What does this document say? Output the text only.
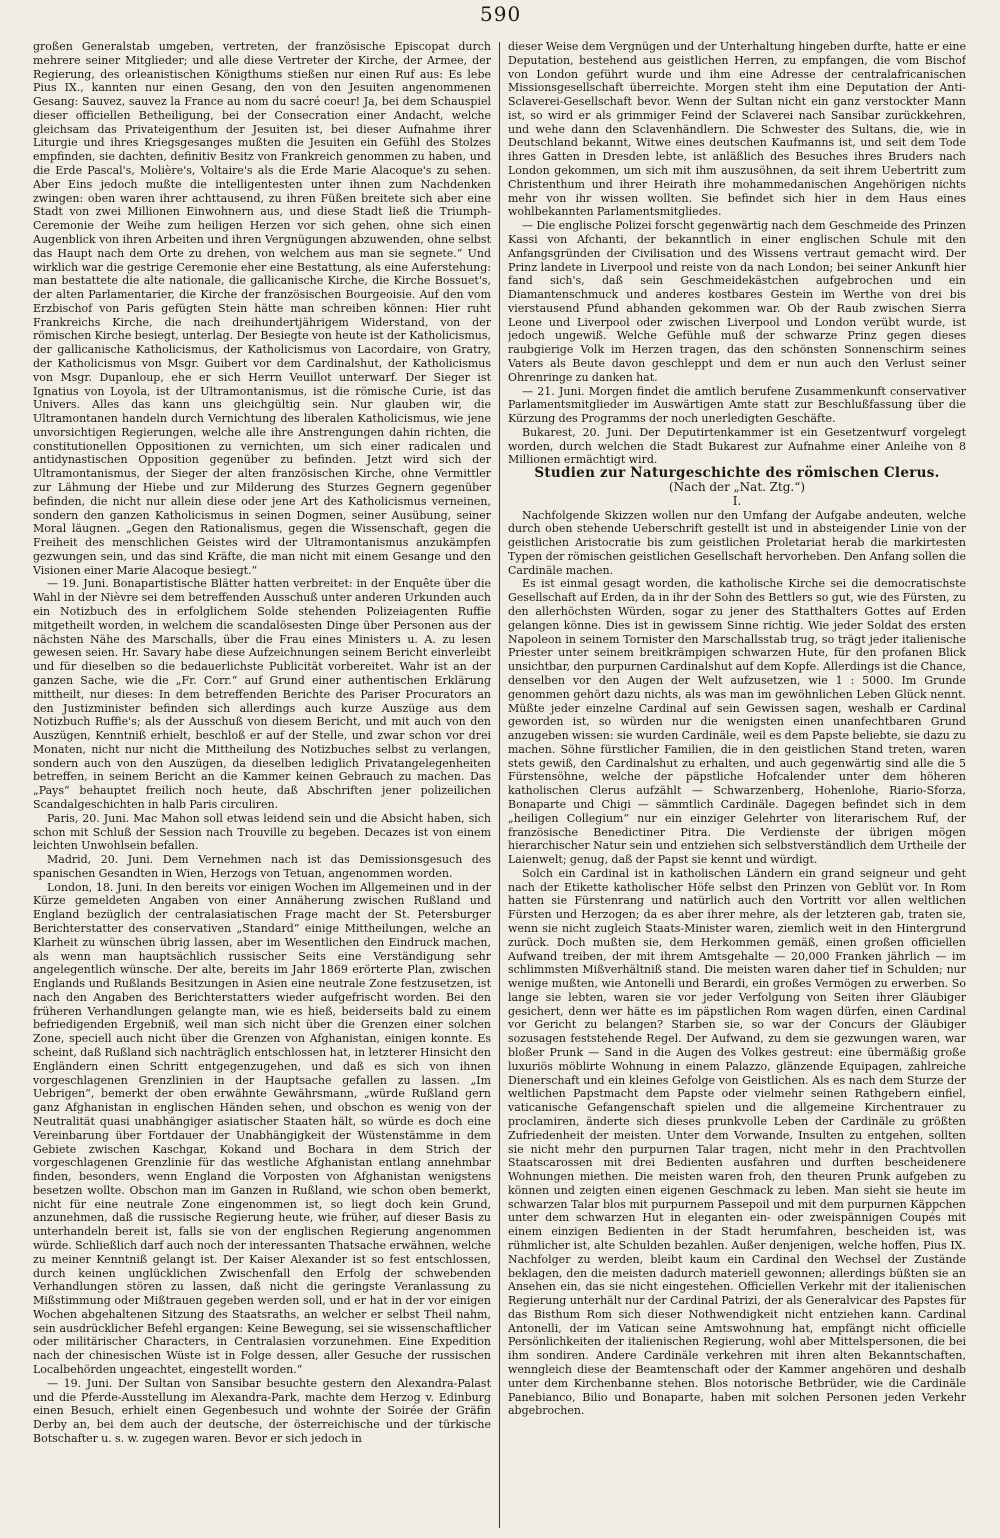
590

großen Generalstab umgeben, vertreten, der französische Episcopat durch mehrere seiner Mitglieder; und alle diese Vertreter der Kirche, der Armee, der Regierung, des orleanistischen Königthums stießen nur einen Ruf aus: Es lebe Pius IX., kannten nur einen Gesang, den von den Jesuiten angenommenen Gesang: Sauvez, sauvez la France au nom du sacré coeur! Ja, bei dem Schauspiel dieser officiellen Betheiligung, bei der Consecration einer Andacht, welche gleichsam das Privateigenthum der Jesuiten ist, bei dieser Aufnahme ihrer Liturgie und ihres Kriegsgesanges mußten die Jesuiten ein Gefühl des Stolzes empfinden, sie dachten, definitiv Besitz von Frankreich genommen zu haben, und die Erde Pascal's, Molière's, Voltaire's als die Erde Marie Alacoque's zu sehen. Aber Eins jedoch mußte die intelligentesten unter ihnen zum Nachdenken zwingen: oben waren ihrer achttausend, zu ihren Füßen breitete sich aber eine Stadt von zwei Millionen Einwohnern aus, und diese Stadt ließ die Triumph-Ceremonie der Weihe zum heiligen Herzen vor sich gehen, ohne sich einen Augenblick von ihren Arbeiten und ihren Vergnügungen abzuwenden, ohne selbst das Haupt nach dem Orte zu drehen, von welchem aus man sie segnete.“ Und wirklich war die gestrige Ceremonie eher eine Bestattung, als eine Auferstehung: man bestattete die alte nationale, die gallicanische Kirche, die Kirche Bossuet's, der alten Parlamentarier, die Kirche der französischen Bourgeoisie. Auf den vom Erzbischof von Paris gefügten Stein hätte man schreiben können: Hier ruht Frankreichs Kirche, die nach dreihundertjährigem Widerstand, von der römischen Kirche besiegt, unterlag. Der Besiegte von heute ist der Katholicismus, der gallicanische Katholicismus, der Katholicismus von Lacordaire, von Gratry, der Katholicismus von Msgr. Guibert vor dem Cardinalshut, der Katholicismus von Msgr. Dupanloup, ehe er sich Herrn Veuillot unterwarf. Der Sieger ist Ignatius von Loyola, ist der Ultramontanismus, ist die römische Curie, ist das Univers. Alles das kann uns gleichgültig sein. Nur glauben wir, die Ultramontanen handeln durch Vernichtung des liberalen Katholicismus, wie jene unvorsichtigen Regierungen, welche alle ihre Anstrengungen dahin richten, die constitutionellen Oppositionen zu vernichten, um sich einer radicalen und antidynastischen Opposition gegenüber zu befinden. Jetzt wird sich der Ultramontanismus, der Sieger der alten französischen Kirche, ohne Vermittler zur Lähmung der Hiebe und zur Milderung des Sturzes Gegnern gegenüber befinden, die nicht nur allein diese oder jene Art des Katholicismus verneinen, sondern den ganzen Katholicismus in seinen Dogmen, seiner Ausübung, seiner Moral läugnen. „Gegen den Rationalismus, gegen die Wissenschaft, gegen die Freiheit des menschlichen Geistes wird der Ultramontanismus anzukämpfen gezwungen sein, und das sind Kräfte, die man nicht mit einem Gesange und den Visionen einer Marie Alacoque besiegt.“

— 19. Juni. Bonapartistische Blätter hatten verbreitet: in der Enquête über die Wahl in der Nièvre sei dem betreffenden Ausschuß unter anderen Urkunden auch ein Notizbuch des in erfolglichem Solde stehenden Polizeiagenten Ruffie mitgetheilt worden, in welchem die scandalösesten Dinge über Personen aus der nächsten Nähe des Marschalls, über die Frau eines Ministers u. A. zu lesen gewesen seien. Hr. Savary habe diese Aufzeichnungen seinem Bericht einverleibt und für dieselben so die bedauerlichste Publicität vorbereitet. Wahr ist an der ganzen Sache, wie die „Fr. Corr.“ auf Grund einer authentischen Erklärung mittheilt, nur dieses: In dem betreffenden Berichte des Pariser Procurators an den Justizminister befinden sich allerdings auch kurze Auszüge aus dem Notizbuch Ruffie's; als der Ausschuß von diesem Bericht, und mit auch von den Auszügen, Kenntniß erhielt, beschloß er auf der Stelle, und zwar schon vor drei Monaten, nicht nur nicht die Mittheilung des Notizbuches selbst zu verlangen, sondern auch von den Auszügen, da dieselben lediglich Privatangelegenheiten betreffen, in seinem Bericht an die Kammer keinen Gebrauch zu machen. Das „Pays“ behauptet freilich noch heute, daß Abschriften jener polizeilichen Scandalgeschichten in halb Paris circuliren.

Paris, 20. Juni. Mac Mahon soll etwas leidend sein und die Absicht haben, sich schon mit Schluß der Session nach Trouville zu begeben. Decazes ist von einem leichten Unwohlsein befallen.

Madrid, 20. Juni. Dem Vernehmen nach ist das Demissionsgesuch des spanischen Gesandten in Wien, Herzogs von Tetuan, angenommen worden.

London, 18. Juni. In den bereits vor einigen Wochen im Allgemeinen und in der Kürze gemeldeten Angaben von einer Annäherung zwischen Rußland und England bezüglich der centralasiatischen Frage macht der St. Petersburger Berichterstatter des conservativen „Standard“ einige Mittheilungen, welche an Klarheit zu wünschen übrig lassen, aber im Wesentlichen den Eindruck machen, als wenn man hauptsächlich russischer Seits eine Verständigung sehr angelegentlich wünsche. Der alte, bereits im Jahr 1869 erörterte Plan, zwischen Englands und Rußlands Besitzungen in Asien eine neutrale Zone festzusetzen, ist nach den Angaben des Berichterstatters wieder aufgefrischt worden. Bei den früheren Verhandlungen gelangte man, wie es hieß, beiderseits bald zu einem befriedigenden Ergebniß, weil man sich nicht über die Grenzen einer solchen Zone, speciell auch nicht über die Grenzen von Afghanistan, einigen konnte. Es scheint, daß Rußland sich nachträglich entschlossen hat, in letzterer Hinsicht den Engländern einen Schritt entgegenzugehen, und daß es sich von ihnen vorgeschlagenen Grenzlinien in der Hauptsache gefallen zu lassen. „Im Uebrigen“, bemerkt der oben erwähnte Gewährsmann, „würde Rußland gern ganz Afghanistan in englischen Händen sehen, und obschon es wenig von der Neutralität quasi unabhängiger asiatischer Staaten hält, so würde es doch eine Vereinbarung über Fortdauer der Unabhängigkeit der Wüstenstämme in dem Gebiete zwischen Kaschgar, Kokand und Bochara in dem Strich der vorgeschlagenen Grenzlinie für das westliche Afghanistan entlang annehmbar finden, besonders, wenn England die Vorposten von Afghanistan wenigstens besetzen wollte. Obschon man im Ganzen in Rußland, wie schon oben bemerkt, nicht für eine neutrale Zone eingenommen ist, so liegt doch kein Grund, anzunehmen, daß die russische Regierung heute, wie früher, auf dieser Basis zu unterhandeln bereit ist, falls sie von der englischen Regierung angenommen würde. Schließlich darf auch noch der interessanten Thatsache erwähnen, welche zu meiner Kenntniß gelangt ist. Der Kaiser Alexander ist so fest entschlossen, durch keinen unglücklichen Zwischenfall den Erfolg der schwebenden Verhandlungen stören zu lassen, daß nicht die geringste Veranlassung zu Mißstimmung oder Mißtrauen gegeben werden soll, und er hat in der vor einigen Wochen abgehaltenen Sitzung des Staatsraths, an welcher er selbst Theil nahm, sein ausdrücklicher Befehl ergangen: Keine Bewegung, sei sie wissenschaftlicher oder militärischer Characters, in Centralasien vorzunehmen. Eine Expedition nach der chinesischen Wüste ist in Folge dessen, aller Gesuche der russischen Localbehörden ungeachtet, eingestellt worden.“

— 19. Juni. Der Sultan von Sansibar besuchte gestern den Alexandra-Palast und die Pferde-Ausstellung im Alexandra-Park, machte dem Herzog v. Edinburg einen Besuch, erhielt einen Gegenbesuch und wohnte der Soirée der Gräfin Derby an, bei dem auch der deutsche, der österreichische und der türkische Botschafter u. s. w. zugegen waren. Bevor er sich jedoch in

dieser Weise dem Vergnügen und der Unterhaltung hingeben durfte, hatte er eine Deputation, bestehend aus geistlichen Herren, zu empfangen, die vom Bischof von London geführt wurde und ihm eine Adresse der centralafricanischen Missionsgesellschaft überreichte. Morgen steht ihm eine Deputation der Anti-Sclaverei-Gesellschaft bevor. Wenn der Sultan nicht ein ganz verstockter Mann ist, so wird er als grimmiger Feind der Sclaverei nach Sansibar zurückkehren, und wehe dann den Sclavenhändlern. Die Schwester des Sultans, die, wie in Deutschland bekannt, Witwe eines deutschen Kaufmanns ist, und seit dem Tode ihres Gatten in Dresden lebte, ist anläßlich des Besuches ihres Bruders nach London gekommen, um sich mit ihm auszusöhnen, da seit ihrem Uebertritt zum Christenthum und ihrer Heirath ihre mohammedanischen Angehörigen nichts mehr von ihr wissen wollten. Sie befindet sich hier in dem Haus eines wohlbekannten Parlamentsmitgliedes.

— Die englische Polizei forscht gegenwärtig nach dem Geschmeide des Prinzen Kassi von Afchanti, der bekanntlich in einer englischen Schule mit den Anfangsgründen der Civilisation und des Wissens vertraut gemacht wird. Der Prinz landete in Liverpool und reiste von da nach London; bei seiner Ankunft hier fand sich's, daß sein Geschmeidekästchen aufgebrochen und ein Diamantenschmuck und anderes kostbares Gestein im Werthe von drei bis vierstausend Pfund abhanden gekommen war. Ob der Raub zwischen Sierra Leone und Liverpool oder zwischen Liverpool und London verübt wurde, ist jedoch ungewiß. Welche Gefühle muß der schwarze Prinz gegen dieses raubgierige Volk im Herzen tragen, das den schönsten Sonnenschirm seines Vaters als Beute davon geschleppt und dem er nun auch den Verlust seiner Ohrenringe zu danken hat.

— 21. Juni. Morgen findet die amtlich berufene Zusammenkunft conservativer Parlamentsmitglieder im Auswärtigen Amte statt zur Beschlußfassung über die Kürzung des Programms der noch unerledigten Geschäfte.

Bukarest, 20. Juni. Der Deputirtenkammer ist ein Gesetzentwurf vorgelegt worden, durch welchen die Stadt Bukarest zur Aufnahme einer Anleihe von 8 Millionen ermächtigt wird.

Studien zur Naturgeschichte des römischen Clerus.

(Nach der „Nat. Ztg.“)

I.

Nachfolgende Skizzen wollen nur den Umfang der Aufgabe andeuten, welche durch oben stehende Ueberschrift gestellt ist und in absteigender Linie von der geistlichen Aristocratie bis zum geistlichen Proletariat herab die markirtesten Typen der römischen geistlichen Gesellschaft hervorheben. Den Anfang sollen die Cardinäle machen.

Es ist einmal gesagt worden, die katholische Kirche sei die democratischste Gesellschaft auf Erden, da in ihr der Sohn des Bettlers so gut, wie des Fürsten, zu den allerhöchsten Würden, sogar zu jener des Statthalters Gottes auf Erden gelangen könne. Dies ist in gewissem Sinne richtig. Wie jeder Soldat des ersten Napoleon in seinem Tornister den Marschallsstab trug, so trägt jeder italienische Priester unter seinem breitkrämpigen schwarzen Hute, für den profanen Blick unsichtbar, den purpurnen Cardinalshut auf dem Kopfe. Allerdings ist die Chance, denselben vor den Augen der Welt aufzusetzen, wie 1 : 5000. Im Grunde genommen gehört dazu nichts, als was man im gewöhnlichen Leben Glück nennt. Müßte jeder einzelne Cardinal auf sein Gewissen sagen, weshalb er Cardinal geworden ist, so würden nur die wenigsten einen unanfechtbaren Grund anzugeben wissen: sie wurden Cardinäle, weil es dem Papste beliebte, sie dazu zu machen. Söhne fürstlicher Familien, die in den geistlichen Stand treten, waren stets gewiß, den Cardinalshut zu erhalten, und auch gegenwärtig sind alle die 5 Fürstensöhne, welche der päpstliche Hofcalender unter dem höheren katholischen Clerus aufzählt — Schwarzenberg, Hohenlohe, Riario-Sforza, Bonaparte und Chigi — sämmtlich Cardinäle. Dagegen befindet sich in dem „heiligen Collegium“ nur ein einziger Gelehrter von literarischem Ruf, der französische Benedictiner Pitra. Die Verdienste der übrigen mögen hierarchischer Natur sein und entziehen sich selbstverständlich dem Urtheile der Laienwelt; genug, daß der Papst sie kennt und würdigt.

Solch ein Cardinal ist in katholischen Ländern ein grand seigneur und geht nach der Etikette katholischer Höfe selbst den Prinzen von Geblüt vor. In Rom hatten sie Fürstenrang und natürlich auch den Vortritt vor allen weltlichen Fürsten und Herzogen; da es aber ihrer mehre, als der letzteren gab, traten sie, wenn sie nicht zugleich Staats-Minister waren, ziemlich weit in den Hintergrund zurück. Doch mußten sie, dem Herkommen gemäß, einen großen officiellen Aufwand treiben, der mit ihrem Amtsgehalte — 20,000 Franken jährlich — im schlimmsten Mißverhältniß stand. Die meisten waren daher tief in Schulden; nur wenige mußten, wie Antonelli und Berardi, ein großes Vermögen zu erwerben. So lange sie lebten, waren sie vor jeder Verfolgung von Seiten ihrer Gläubiger gesichert, denn wer hätte es im päpstlichen Rom wagen dürfen, einen Cardinal vor Gericht zu belangen? Starben sie, so war der Concurs der Gläubiger sozusagen feststehende Regel. Der Aufwand, zu dem sie gezwungen waren, war bloßer Prunk — Sand in die Augen des Volkes gestreut: eine übermäßig große luxuriös möblirte Wohnung in einem Palazzo, glänzende Equipagen, zahlreiche Dienerschaft und ein kleines Gefolge von Geistlichen. Als es nach dem Sturze der weltlichen Papstmacht dem Papste oder vielmehr seinen Rathgebern einfiel, vaticanische Gefangenschaft spielen und die allgemeine Kirchentrauer zu proclamiren, änderte sich dieses prunkvolle Leben der Cardinäle zu größten Zufriedenheit der meisten. Unter dem Vorwande, Insulten zu entgehen, sollten sie nicht mehr den purpurnen Talar tragen, nicht mehr in den Prachtvollen Staatscarossen mit drei Bedienten ausfahren und durften bescheidenere Wohnungen miethen. Die meisten waren froh, den theuren Prunk aufgeben zu können und zeigten einen eigenen Geschmack zu leben. Man sieht sie heute im schwarzen Talar blos mit purpurnem Passepoil und mit dem purpurnen Käppchen unter dem schwarzen Hut in eleganten ein- oder zweispännigen Coupés mit einem einzigen Bedienten in der Stadt herumfahren, bescheiden ist, was rühmlicher ist, alte Schulden bezahlen. Außer denjenigen, welche hoffen, Pius IX. Nachfolger zu werden, bleibt kaum ein Cardinal den Wechsel der Zustände beklagen, den die meisten dadurch materiell gewonnen; allerdings büßten sie an Ansehen ein, das sie nicht eingestehen. Officiellen Verkehr mit der italienischen Regierung unterhält nur der Cardinal Patrizi, der als Generalvicar des Papstes für das Bisthum Rom sich dieser Nothwendigkeit nicht entziehen kann. Cardinal Antonelli, der im Vatican seine Amtswohnung hat, empfängt nicht officielle Persönlichkeiten der italienischen Regierung, wohl aber Mittelspersonen, die bei ihm sondiren. Andere Cardinäle verkehren mit ihren alten Bekanntschaften, wenngleich diese der Beamtenschaft oder der Kammer angehören und deshalb unter dem Kirchenbanne stehen. Blos notorische Betbrüder, wie die Cardinäle Panebianco, Bilio und Bonaparte, haben mit solchen Personen jeden Verkehr abgebrochen.
